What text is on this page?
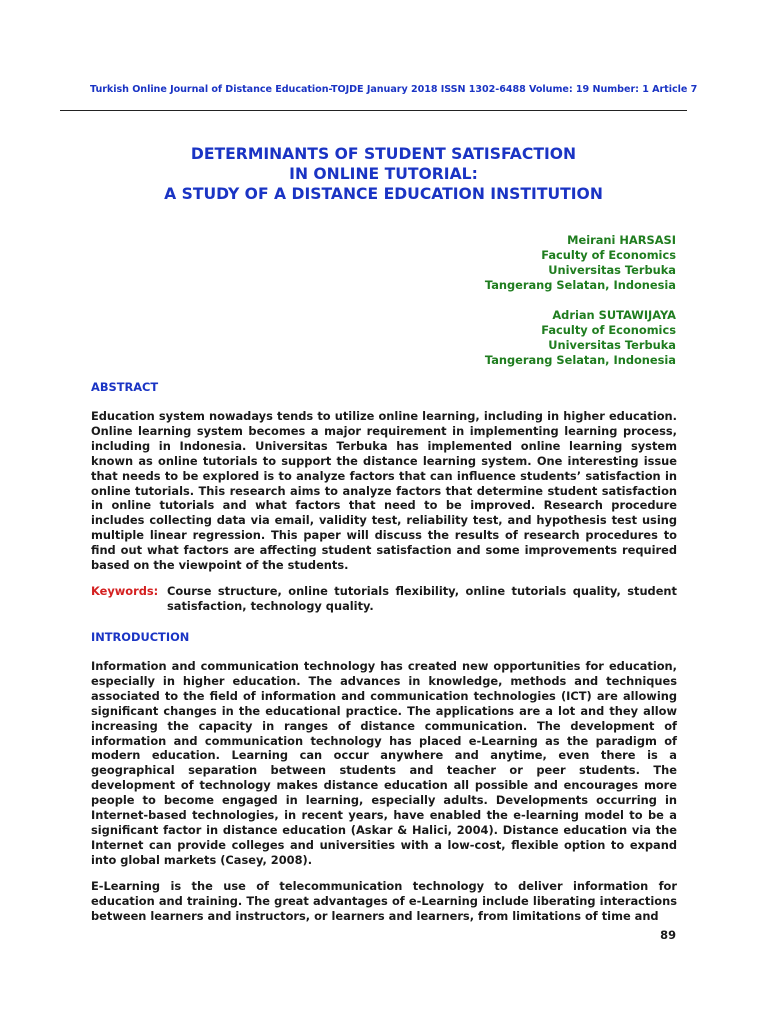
Turkish Online Journal of Distance Education-TOJDE January 2018 ISSN 1302-6488 Volume: 19 Number: 1 Article 7
DETERMINANTS OF STUDENT SATISFACTION
IN ONLINE TUTORIAL:
A STUDY OF A DISTANCE EDUCATION INSTITUTION
Meirani HARSASI
Faculty of Economics
Universitas Terbuka
Tangerang Selatan, Indonesia
Adrian SUTAWIJAYA
Faculty of Economics
Universitas Terbuka
Tangerang Selatan, Indonesia
ABSTRACT
Education system nowadays tends to utilize online learning, including in higher education. Online learning system becomes a major requirement in implementing learning process, including in Indonesia. Universitas Terbuka has implemented online learning system known as online tutorials to support the distance learning system. One interesting issue that needs to be explored is to analyze factors that can influence students’ satisfaction in online tutorials. This research aims to analyze factors that determine student satisfaction in online tutorials and what factors that need to be improved. Research procedure includes collecting data via email, validity test, reliability test, and hypothesis test using multiple linear regression. This paper will discuss the results of research procedures to find out what factors are affecting student satisfaction and some improvements required based on the viewpoint of the students.
Keywords: Course structure, online tutorials flexibility, online tutorials quality, student satisfaction, technology quality.
INTRODUCTION
Information and communication technology has created new opportunities for education, especially in higher education. The advances in knowledge, methods and techniques associated to the field of information and communication technologies (ICT) are allowing significant changes in the educational practice. The applications are a lot and they allow increasing the capacity in ranges of distance communication. The development of information and communication technology has placed e-Learning as the paradigm of modern education. Learning can occur anywhere and anytime, even there is a geographical separation between students and teacher or peer students. The development of technology makes distance education all possible and encourages more people to become engaged in learning, especially adults. Developments occurring in Internet-based technologies, in recent years, have enabled the e-learning model to be a significant factor in distance education (Askar & Halici, 2004). Distance education via the Internet can provide colleges and universities with a low-cost, flexible option to expand into global markets (Casey, 2008).
E-Learning is the use of telecommunication technology to deliver information for education and training. The great advantages of e-Learning include liberating interactions between learners and instructors, or learners and learners, from limitations of time and
89
